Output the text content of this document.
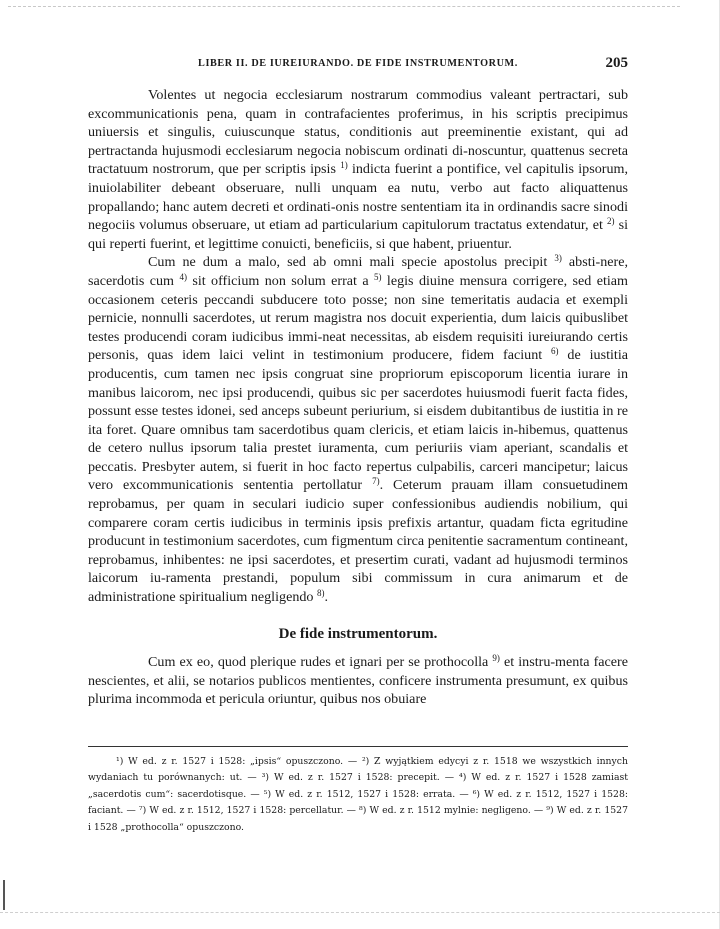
LIBER II. DE IUREIURANDO. DE FIDE INSTRUMENTORUM.	205

Volentes ut negocia ecclesiarum nostrarum commodius valeant pertractari, sub excommunicationis pena, quam in contrafacientes proferimus, in his scriptis precipimus uniuersis et singulis, cuiuscunque status, conditionis aut preeminentie existant, qui ad pertractanda hujusmodi ecclesiarum negocia nobiscum ordinati di-noscuntur, quattenus secreta tractatuum nostrorum, que per scriptis ipsis $^{1)}$ indicta fuerint a pontifice, vel capitulis ipsorum, inuiolabiliter debeant obseruare, nulli unquam ea nutu, verbo aut facto aliquattenus propallando; hanc autem decreti et ordinati-onis nostre sententiam ita in ordinandis sacre sinodi negociis volumus obseruare, ut etiam ad particularium capitulorum tractatus extendatur, et $^{2)}$ si qui reperti fuerint, et legittime conuicti, beneficiis, si que habent, priuentur.

Cum ne dum a malo, sed ab omni mali specie apostolus precipit $^{3)}$ absti-nere, sacerdotis cum $^{4)}$ sit officium non solum errat a $^{5)}$ legis diuine mensura corrigere, sed etiam occasionem ceteris peccandi subducere toto posse; non sine temeritatis audacia et exempli pernicie, nonnulli sacerdotes, ut rerum magistra nos docuit experientia, dum laicis quibuslibet testes producendi coram iudicibus immi-neat necessitas, ab eisdem requisiti iureiurando certis personis, quas idem laici velint in testimonium producere, fidem faciunt $^{6)}$ de iustitia producentis, cum tamen nec ipsis congruat sine propriorum episcoporum licentia iurare in manibus laicorom, nec ipsi producendi, quibus sic per sacerdotes huiusmodi fuerit facta fides, possunt esse testes idonei, sed anceps subeunt periurium, si eisdem dubitantibus de iustitia in re ita foret. Quare omnibus tam sacerdotibus quam clericis, et etiam laicis in-hibemus, quattenus de cetero nullus ipsorum talia prestet iuramenta, cum periuriis viam aperiant, scandalis et peccatis. Presbyter autem, si fuerit in hoc facto repertus culpabilis, carceri mancipetur; laicus vero excommunicationis sententia pertollatur $^{7)}$. Ceterum prauam illam consuetudinem reprobamus, per quam in seculari iudicio super confessionibus audiendis nobilium, qui comparere coram certis iudicibus in terminis ipsis prefixis artantur, quadam ficta egritudine producunt in testimonium sacerdotes, cum figmentum circa penitentie sacramentum contineant, reprobamus, inhibentes: ne ipsi sacerdotes, et presertim curati, vadant ad hujusmodi terminos laicorum iu-ramenta prestandi, populum sibi commissum in cura animarum et de administratione spiritualium negligendo $^{8)}$.

De fide instrumentorum.

Cum ex eo, quod plerique rudes et ignari per se prothocolla $^{9)}$ et instru-menta facere nescientes, et alii, se notarios publicos mentientes, conficere instrumenta presumunt, ex quibus plurima incommoda et pericula oriuntur, quibus nos obuiare

¹) W ed. z r. 1527 i 1528: „ipsis“ opuszczono. — ²) Z wyjątkiem edycyi z r. 1518 we wszystkich innych wydaniach tu porównanych: ut. — ³) W ed. z r. 1527 i 1528: precepit. — ⁴) W ed. z r. 1527 i 1528 zamiast „sacerdotis cum“: sacerdotisque. — ⁵) W ed. z r. 1512, 1527 i 1528: errata. — ⁶) W ed. z r. 1512, 1527 i 1528: faciant. — ⁷) W ed. z r. 1512, 1527 i 1528: percellatur. — ⁸) W ed. z r. 1512 mylnie: negligeno. — ⁹) W ed. z r. 1527 i 1528 „prothocolla“ opuszczono.
